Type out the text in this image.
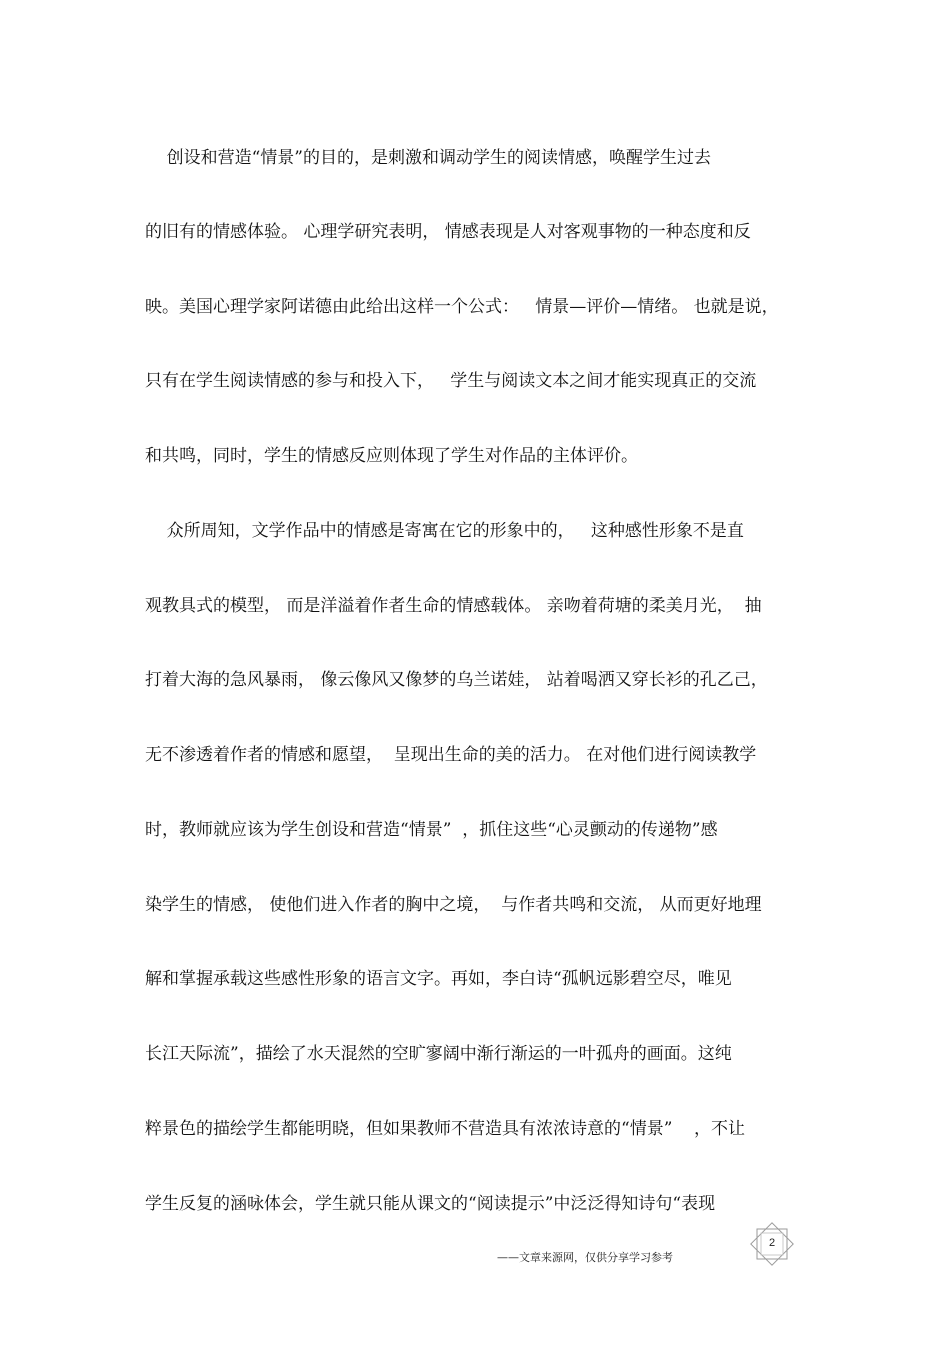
创设和营造“情景”的目的，是刺激和调动学生的阅读情感，唤醒学生过去
的旧有的情感体验。 心理学研究表明， 情感表现是人对客观事物的一种态度和反
映。美国心理学家阿诺德由此给出这样一个公式：   情景—评价—情绪。 也就是说，
只有在学生阅读情感的参与和投入下，   学生与阅读文本之间才能实现真正的交流
和共鸣，同时，学生的情感反应则体现了学生对作品的主体评价。
众所周知，文学作品中的情感是寄寓在它的形象中的，   这种感性形象不是直
观教具式的模型， 而是洋溢着作者生命的情感载体。 亲吻着荷塘的柔美月光，  抽
打着大海的急风暴雨， 像云像风又像梦的乌兰诺娃， 站着喝洒又穿长衫的孔乙己，
无不渗透着作者的情感和愿望，  呈现出生命的美的活力。 在对他们进行阅读教学
时，教师就应该为学生创设和营造“情景”  ，抓住这些“心灵颤动的传递物”感
染学生的情感， 使他们进入作者的胸中之境，  与作者共鸣和交流， 从而更好地理
解和掌握承载这些感性形象的语言文字。再如，李白诗“孤帆远影碧空尽，唯见
长江天际流”，描绘了水天混然的空旷寥阔中渐行渐运的一叶孤舟的画面。这纯
粹景色的描绘学生都能明晓，但如果教师不营造具有浓浓诗意的“情景”    ，不让
学生反复的涵咏体会，学生就只能从课文的“阅读提示”中泛泛得知诗句“表现
——文章来源网，仅供分享学习参考
2
